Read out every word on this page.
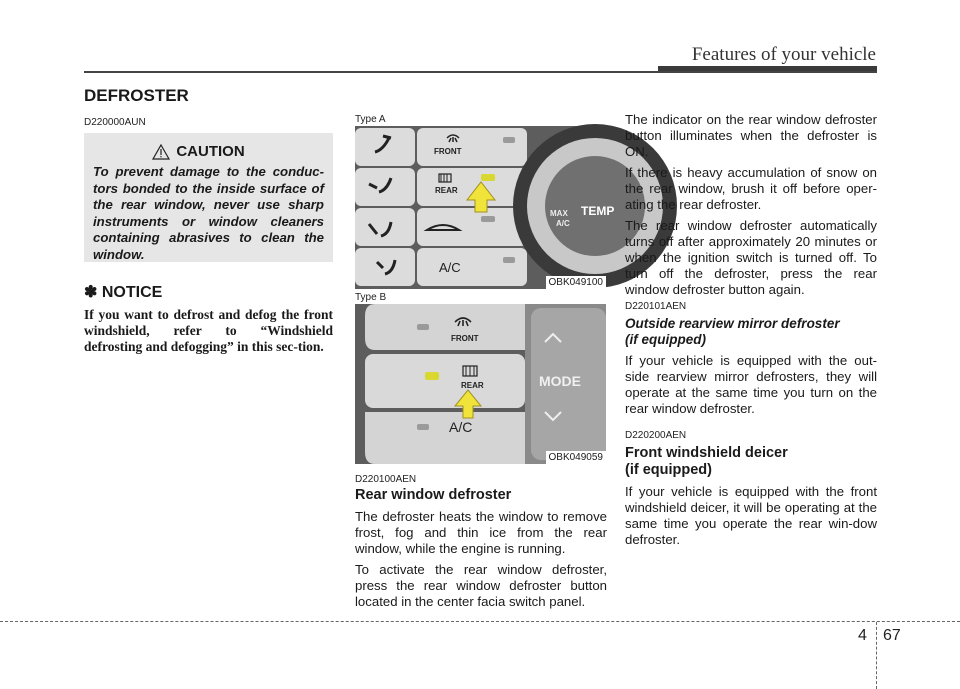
Features of your vehicle
DEFROSTER
D220000AUN
CAUTION
To prevent damage to the conduc-tors bonded to the inside surface of the rear window, never use sharp instruments or window cleaners containing abrasives to clean the window.
✽ NOTICE
If you want to defrost and defog the front windshield, refer to “Windshield defrosting and defogging” in this sec-tion.
Type A
FRONT
REAR
A/C
MAX
A/C
TEMP
OBK049100
Type B
FRONT
REAR
A/C
MODE
OBK049059
D220100AEN

Rear window defroster

The defroster heats the window to remove frost, fog and thin ice from the rear window, while the engine is running.

To activate the rear window defroster, press the rear window defroster button located in the center facia switch panel.

The indicator on the rear window defroster button illuminates when the defroster is ON.

If there is heavy accumulation of snow on the rear window, brush it off before oper-ating the rear defroster.

The rear window defroster automatically turns off after approximately 20 minutes or when the ignition switch is turned off. To turn off the defroster, press the rear window defroster button again.

D220101AEN

Outside rearview mirror defroster

(if equipped)

If your vehicle is equipped with the out-side rearview mirror defrosters, they will operate at the same time you turn on the rear window defroster.

D220200AEN

Front windshield deicer

(if equipped)

If your vehicle is equipped with the front windshield deicer, it will be operating at the same time you operate the rear win-dow defroster.

4 67
